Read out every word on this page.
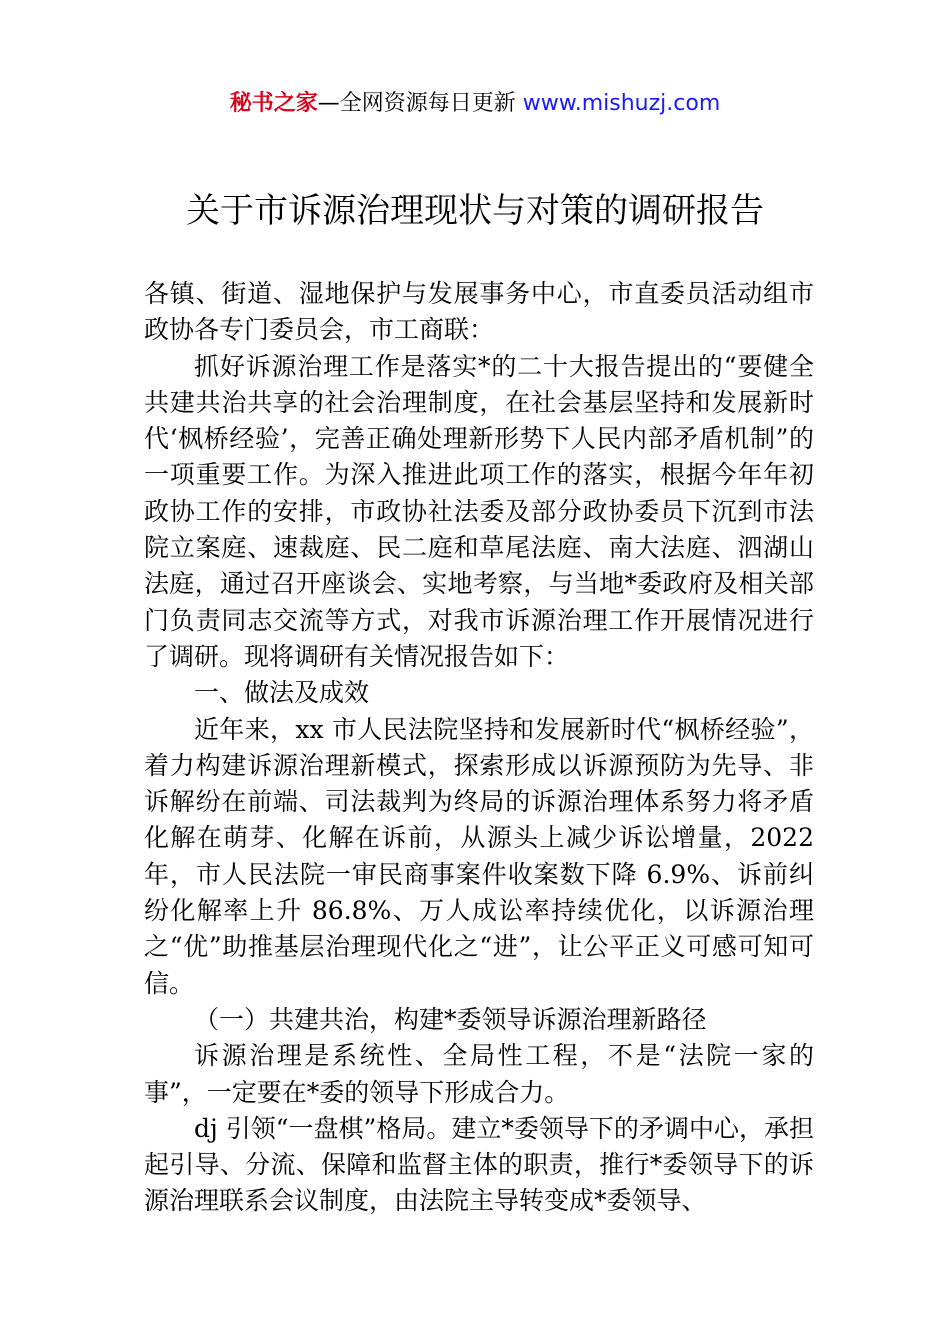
秘书之家—全网资源每日更新 www.mishuzj.com
关于市诉源治理现状与对策的调研报告

各镇、街道、湿地保护与发展事务中心，市直委员活动组市政协各专门委员会，市工商联：

抓好诉源治理工作是落实*的二十大报告提出的“要健全共建共治共享的社会治理制度，在社会基层坚持和发展新时代‘枫桥经验’，完善正确处理新形势下人民内部矛盾机制”的一项重要工作。为深入推进此项工作的落实，根据今年年初政协工作的安排，市政协社法委及部分政协委员下沉到市法院立案庭、速裁庭、民二庭和草尾法庭、南大法庭、泗湖山法庭，通过召开座谈会、实地考察，与当地*委政府及相关部门负责同志交流等方式，对我市诉源治理工作开展情况进行了调研。现将调研有关情况报告如下：

一、做法及成效

近年来，xx 市人民法院坚持和发展新时代“枫桥经验”，着力构建诉源治理新模式，探索形成以诉源预防为先导、非诉解纷在前端、司法裁判为终局的诉源治理体系努力将矛盾化解在萌芽、化解在诉前，从源头上减少诉讼增量，2022 年，市人民法院一审民商事案件收案数下降 6.9%、诉前纠纷化解率上升 86.8%、万人成讼率持续优化，以诉源治理之“优”助推基层治理现代化之“进”，让公平正义可感可知可信。

（一）共建共治，构建*委领导诉源治理新路径

诉源治理是系统性、全局性工程，不是“法院一家的事”，一定要在*委的领导下形成合力。

dj 引领“一盘棋”格局。建立*委领导下的矛调中心，承担起引导、分流、保障和监督主体的职责，推行*委领导下的诉源治理联系会议制度，由法院主导转变成*委领导、
